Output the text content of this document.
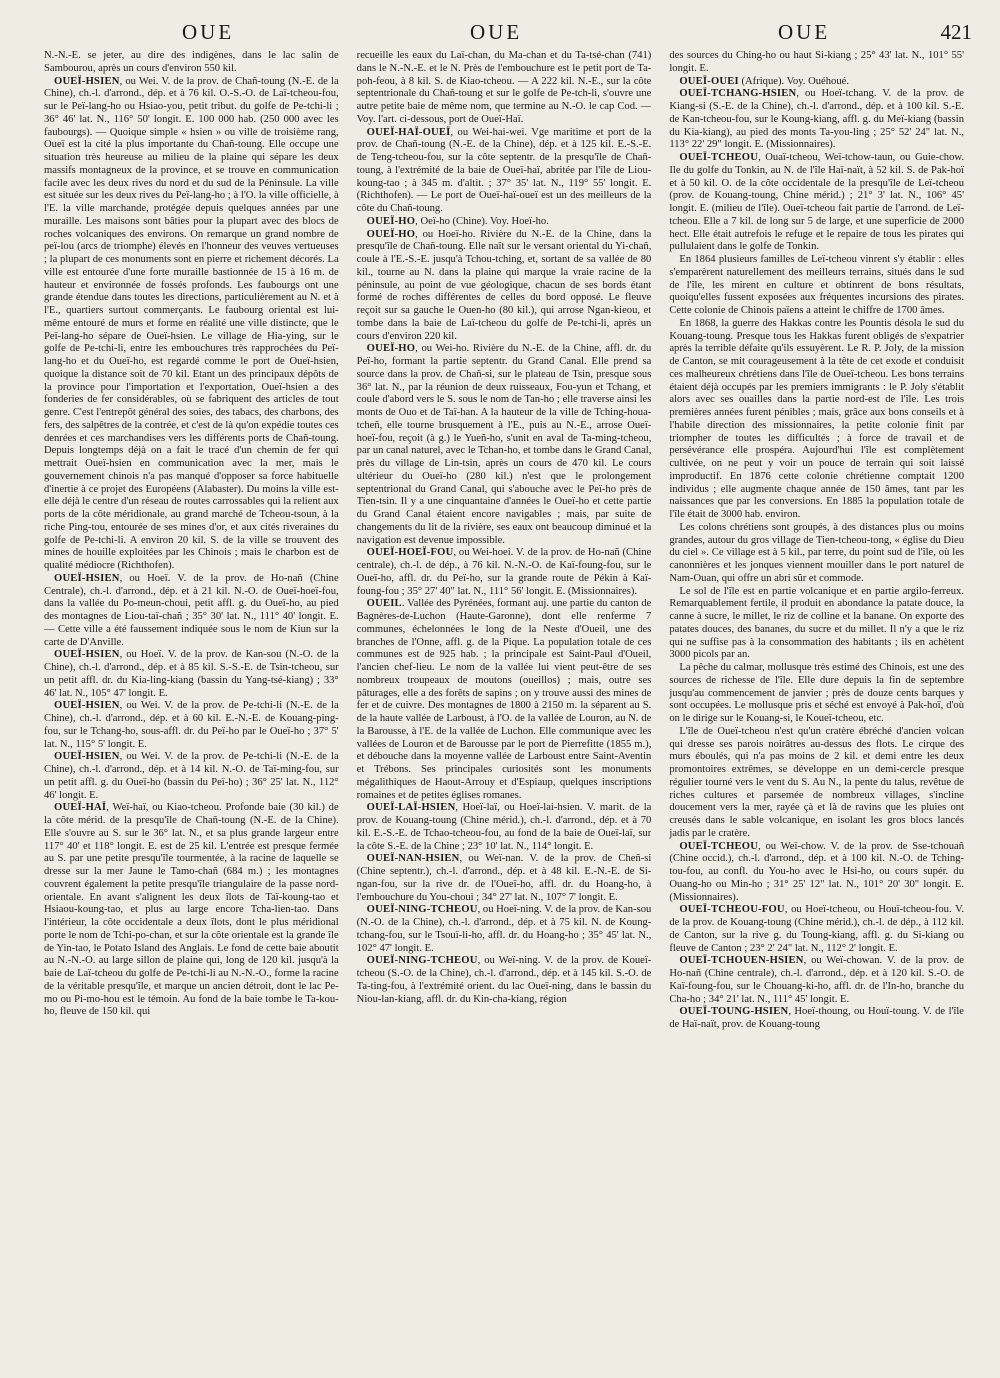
OUE	OUE	OUE	421

N.-N.-E. se jeter, au dire des indigènes, dans le lac salin de Sambourou, après un cours d'environ 550 kil.

OUEÏ-HSIEN, ou Wei. V. de la prov. de Chañ-toung (N.-E. de la Chine), ch.-l. d'arrond., dép. et à 76 kil. O.-S.-O. de Laï-tcheou-fou, sur le Peï-lang-ho ou Hsiao-you, petit tribut. du golfe de Pe-tchi-li ; 36° 46' lat. N., 116° 50' longit. E. 100 000 hab. (250 000 avec les faubourgs). — Quoique simple « hsien » ou ville de troisième rang, Oueï est la cité la plus importante du Chañ-toung. Elle occupe une situation très heureuse au milieu de la plaine qui sépare les deux massifs montagneux de la province, et se trouve en communication facile avec les deux rives du nord et du sud de la Péninsule. La ville est située sur les deux rives du Peï-lang-ho ; à l'O. la ville officielle, à l'E. la ville marchande, protégée depuis quelques années par une muraille. Les maisons sont bâties pour la plupart avec des blocs de roches volcaniques des environs. On remarque un grand nombre de peï-lou (arcs de triomphe) élevés en l'honneur des veuves vertueuses ; la plupart de ces monuments sont en pierre et richement décorés. La ville est entourée d'une forte muraille bastionnée de 15 à 16 m. de hauteur et environnée de fossés profonds. Les faubourgs ont une grande étendue dans toutes les directions, particulièrement au N. et à l'E., quartiers surtout commerçants. Le faubourg oriental est lui-même entouré de murs et forme en réalité une ville distincte, que le Peï-lang-ho sépare de Oueï-hsien. Le village de Hia-ying, sur le golfe de Pe-tchi-li, entre les embouchures très rapprochées du Peï-lang-ho et du Oueï-ho, est regardé comme le port de Oueï-hsien, quoique la distance soit de 70 kil. Etant un des principaux dépôts de la province pour l'importation et l'exportation, Oueï-hsien a des fonderies de fer considérables, où se fabriquent des articles de tout genre. C'est l'entrepôt général des soies, des tabacs, des charbons, des fers, des salpêtres de la contrée, et c'est de là qu'on expédie toutes ces denrées et ces marchandises vers les différents ports de Chañ-toung. Depuis longtemps déjà on a fait le tracé d'un chemin de fer qui mettrait Oueï-hsien en communication avec la mer, mais le gouvernement chinois n'a pas manqué d'opposer sa force habituelle d'inertie à ce projet des Européens (Alabaster). Du moins la ville est-elle déjà le centre d'un réseau de routes carrossables qui la relient aux ports de la côte méridionale, au grand marché de Tcheou-tsoun, à la riche Ping-tou, entourée de ses mines d'or, et aux cités riveraines du golfe de Pe-tchi-li. A environ 20 kil. S. de la ville se trouvent des mines de houille exploitées par les Chinois ; mais le charbon est de qualité médiocre (Richthofen).

OUEÏ-HSIEN, ou Hoeï. V. de la prov. de Ho-nañ (Chine Centrale), ch.-l. d'arrond., dép. et à 21 kil. N.-O. de Oueï-hoeï-fou, dans la vallée du Po-meun-choui, petit affl. g. du Oueï-ho, au pied des montagnes de Liou-taï-chañ ; 35° 30' lat. N., 111° 40' longit. E. — Cette ville a été faussement indiquée sous le nom de Kiun sur la carte de D'Anville.

OUEÏ-HSIEN, ou Hoeï. V. de la prov. de Kan-sou (N.-O. de la Chine), ch.-l. d'arrond., dép. et à 85 kil. S.-S.-E. de Tsin-tcheou, sur un petit affl. dr. du Kia-ling-kiang (bassin du Yang-tsé-kiang) ; 33° 46' lat. N., 105° 47' longit. E.

OUEÏ-HSIEN, ou Wei. V. de la prov. de Pe-tchi-li (N.-E. de la Chine), ch.-l. d'arrond., dép. et à 60 kil. E.-N.-E. de Kouang-ping-fou, sur le Tchang-ho, sous-affl. dr. du Peï-ho par le Oueï-ho ; 37° 5' lat. N., 115° 5' longit. E.

OUEÏ-HSIEN, ou Wei. V. de la prov. de Pe-tchi-li (N.-E. de la Chine), ch.-l. d'arrond., dép. et à 14 kil. N.-O. de Taï-ming-fou, sur un petit affl. g. du Oueï-ho (bassin du Peï-ho) ; 36° 25' lat. N., 112° 46' longit. E.

OUEÏ-HAÏ, Weï-haï, ou Kiao-tcheou. Profonde baie (30 kil.) de la côte mérid. de la presqu'île de Chañ-toung (N.-E. de la Chine). Elle s'ouvre au S. sur le 36° lat. N., et sa plus grande largeur entre 117° 40' et 118° longit. E. est de 25 kil. L'entrée est presque fermée au S. par une petite presqu'île tourmentée, à la racine de laquelle se dresse sur la mer Jaune le Tamo-chañ (684 m.) ; les montagnes couvrent également la petite presqu'île triangulaire de la passe nord-orientale. En avant s'alignent les deux îlots de Taï-koung-tao et Hsiaou-koung-tao, et plus au large encore Tcha-lien-tao. Dans l'intérieur, la côte occidentale a deux îlots, dont le plus méridional porte le nom de Tchi-po-chan, et sur la côte orientale est la grande île de Yin-tao, le Potato Island des Anglais. Le fond de cette baie aboutit au N.-N.-O. au large sillon de plaine qui, long de 120 kil. jusqu'à la baie de Laï-tcheou du golfe de Pe-tchi-li au N.-N.-O., forme la racine de la véritable presqu'île, et marque un ancien détroit, dont le lac Pe-mo ou Pi-mo-hou est le témoin. Au fond de la baie tombe le Ta-kou-ho, fleuve de 150 kil. qui

recueille les eaux du Laï-chan, du Ma-chan et du Ta-tsé-chan (741) dans le N.-N.-E. et le N. Près de l'embouchure est le petit port de Ta-poh-feou, à 8 kil. S. de Kiao-tcheou. — A 222 kil. N.-E., sur la côte septentrionale du Chañ-toung et sur le golfe de Pe-tch-li, s'ouvre une autre petite baie de même nom, que termine au N.-O. le cap Cod. — Voy. l'art. ci-dessous, port de Oueï-Haï.

OUEÏ-HAÏ-OUEÏ, ou Wei-hai-wei. Vge maritime et port de la prov. de Chañ-toung (N.-E. de la Chine), dép. et à 125 kil. E.-S.-E. de Teng-tcheou-fou, sur la côte septentr. de la presqu'île de Chañ-toung, à l'extrémité de la baie de Oueï-haï, abritée par l'île de Liou-koung-tao ; à 345 m. d'altit. ; 37° 35' lat. N., 119° 55' longit. E. (Richthofen). — Le port de Oueï-haï-oueï est un des meilleurs de la côte du Chañ-toung.

OUEÏ-HO, Oeï-ho (Chine). Voy. Hoeï-ho.

OUEÏ-HO, ou Hoeï-ho. Rivière du N.-E. de la Chine, dans la presqu'île de Chañ-toung. Elle naît sur le versant oriental du Yi-chañ, coule à l'E.-S.-E. jusqu'à Tchou-tching, et, sortant de sa vallée de 80 kil., tourne au N. dans la plaine qui marque la vraie racine de la péninsule, au point de vue géologique, chacun de ses bords étant formé de roches différentes de celles du bord opposé. Le fleuve reçoit sur sa gauche le Ouen-ho (80 kil.), qui arrose Ngan-kieou, et tombe dans la baie de Laï-tcheou du golfe de Pe-tchi-li, après un cours d'environ 220 kil.

OUEÏ-HO, ou Wei-ho. Rivière du N.-E. de la Chine, affl. dr. du Peï-ho, formant la partie septentr. du Grand Canal. Elle prend sa source dans la prov. de Chañ-si, sur le plateau de Tsin, presque sous 36° lat. N., par la réunion de deux ruisseaux, Fou-yun et Tchang, et coule d'abord vers le S. sous le nom de Tan-ho ; elle traverse ainsi les monts de Ouo et de Taï-han. A la hauteur de la ville de Tching-houa-tcheñ, elle tourne brusquement à l'E., puis au N.-E., arrose Oueï-hoeï-fou, reçoit (à g.) le Yueñ-ho, s'unit en aval de Ta-ming-tcheou, par un canal naturel, avec le Tchan-ho, et tombe dans le Grand Canal, près du village de Lin-tsin, après un cours de 470 kil. Le cours ultérieur du Oueï-ho (280 kil.) n'est que le prolongement septentrional du Grand Canal, qui s'abouche avec le Peï-ho près de Tien-tsin. Il y a une cinquantaine d'années le Oueï-ho et cette partie du Grand Canal étaient encore navigables ; mais, par suite de changements du lit de la rivière, ses eaux ont beaucoup diminué et la navigation est devenue impossible.

OUEÏ-HOEÏ-FOU, ou Wei-hoei. V. de la prov. de Ho-nañ (Chine centrale), ch.-l. de dép., à 76 kil. N.-N.-O. de Kaï-foung-fou, sur le Oueï-ho, affl. dr. du Peï-ho, sur la grande route de Pékin à Kaï-foung-fou ; 35° 27' 40" lat. N., 111° 56' longit. E. (Missionnaires).

OUEIL. Vallée des Pyrénées, formant auj. une partie du canton de Bagnères-de-Luchon (Haute-Garonne), dont elle renferme 7 communes, échelonnées le long de la Neste d'Oueil, une des branches de l'Onne, affl. g. de la Pique. La population totale de ces communes est de 925 hab. ; la principale est Saint-Paul d'Oueil, l'ancien chef-lieu. Le nom de la vallée lui vient peut-être de ses nombreux troupeaux de moutons (oueillos) ; mais, outre ses pâturages, elle a des forêts de sapins ; on y trouve aussi des mines de fer et de cuivre. Des montagnes de 1800 à 2150 m. la séparent au S. de la haute vallée de Larboust, à l'O. de la vallée de Louron, au N. de la Barousse, à l'E. de la vallée de Luchon. Elle communique avec les vallées de Louron et de Barousse par le port de Pierrefitte (1855 m.), et débouche dans la moyenne vallée de Larboust entre Saint-Aventin et Trébons. Ses principales curiosités sont les monuments mégalithiques de Haout-Arrouy et d'Espiaup, quelques inscriptions romaines et de petites églises romanes.

OUEÏ-LAÏ-HSIEN, Hoeï-laï, ou Hoeï-lai-hsien. V. marit. de la prov. de Kouang-toung (Chine mérid.), ch.-l. d'arrond., dép. et à 70 kil. E.-S.-E. de Tchao-tcheou-fou, au fond de la baie de Oueï-laï, sur la côte S.-E. de la Chine ; 23° 10' lat. N., 114° longit. E.

OUEÏ-NAN-HSIEN, ou Weï-nan. V. de la prov. de Cheñ-si (Chine septentr.), ch.-l. d'arrond., dép. et à 48 kil. E.-N.-E. de Si-ngan-fou, sur la rive dr. de l'Oueï-ho, affl. dr. du Hoang-ho, à l'embouchure du You-choui ; 34° 27' lat. N., 107° 7' longit. E.

OUEÏ-NING-TCHEOU, ou Hoeï-ning. V. de la prov. de Kan-sou (N.-O. de la Chine), ch.-l. d'arrond., dép. et à 75 kil. N. de Koung-tchang-fou, sur le Tsouï-li-ho, affl. dr. du Hoang-ho ; 35° 45' lat. N., 102° 47' longit. E.

OUEÏ-NING-TCHEOU, ou Weï-ning. V. de la prov. de Koueï-tcheou (S.-O. de la Chine), ch.-l. d'arrond., dép. et à 145 kil. S.-O. de Ta-ting-fou, à l'extrémité orient. du lac Oueï-ning, dans le bassin du Niou-lan-kiang, affl. dr. du Kin-cha-kiang, région

des sources du Ching-ho ou haut Si-kiang ; 25° 43' lat. N., 101° 55' longit. E.

OUEÏ-OUEI (Afrique). Voy. Ouéhoué.

OUEÏ-TCHANG-HSIEN, ou Hoeï-tchang. V. de la prov. de Kiang-si (S.-E. de la Chine), ch.-l. d'arrond., dép. et à 100 kil. S.-E. de Kan-tcheou-fou, sur le Koung-kiang, affl. g. du Meï-kiang (bassin du Kia-kiang), au pied des monts Ta-you-ling ; 25° 52' 24" lat. N., 113° 22' 29" longit. E. (Missionnaires).

OUEÏ-TCHEOU, Ouaï-tcheou, Weï-tchow-taun, ou Guie-chow. Ile du golfe du Tonkin, au N. de l'île Haï-naït, à 52 kil. S. de Pak-hoï et à 50 kil. O. de la côte occidentale de la presqu'île de Leï-tcheou (prov. de Kouang-toung, Chine mérid.) ; 21° 3' lat. N., 106° 45' longit. E. (milieu de l'île). Oueï-tcheou fait partie de l'arrond. de Leï-tcheou. Elle a 7 kil. de long sur 5 de large, et une superficie de 2000 hect. Elle était autrefois le refuge et le repaire de tous les pirates qui pullulaient dans le golfe de Tonkin.

En 1864 plusieurs familles de Leï-tcheou vinrent s'y établir : elles s'emparèrent naturellement des meilleurs terrains, situés dans le sud de l'île, les mirent en culture et obtinrent de bons résultats, quoiqu'elles fussent exposées aux fréquentes incursions des pirates. Cette colonie de Chinois païens a atteint le chiffre de 1700 âmes.

En 1868, la guerre des Hakkas contre les Pountis désola le sud du Kouang-toung. Presque tous les Hakkas furent obligés de s'expatrier après la terrible défaite qu'ils essuyèrent. Le R. P. Joly, de la mission de Canton, se mit courageusement à la tête de cet exode et conduisit ces malheureux chrétiens dans l'île de Oueï-tcheou. Les bons terrains étaient déjà occupés par les premiers immigrants : le P. Joly s'établit alors avec ses ouailles dans la partie nord-est de l'île. Les trois premières années furent pénibles ; mais, grâce aux bons conseils et à l'habile direction des missionnaires, la petite colonie finit par triompher de toutes les difficultés ; à force de travail et de persévérance elle prospéra. Aujourd'hui l'île est complètement cultivée, on ne peut y voir un pouce de terrain qui soit laissé improductif. En 1876 cette colonie chrétienne comptait 1200 individus ; elle augmente chaque année de 150 âmes, tant par les naissances que par les conversions. En 1885 la population totale de l'île était de 3000 hab. environ.

Les colons chrétiens sont groupés, à des distances plus ou moins grandes, autour du gros village de Tien-tcheou-tong, « église du Dieu du ciel ». Ce village est à 5 kil., par terre, du point sud de l'île, où les canonnières et les jonques viennent mouiller dans le port naturel de Nam-Ouan, qui offre un abri sûr et commode.

Le sol de l'île est en partie volcanique et en partie argilo-ferreux. Remarquablement fertile, il produit en abondance la patate douce, la canne à sucre, le millet, le riz de colline et la banane. On exporte des patates douces, des bananes, du sucre et du millet. Il n'y a que le riz qui ne suffise pas à la consommation des habitants ; ils en achètent 3000 picols par an.

La pêche du calmar, mollusque très estimé des Chinois, est une des sources de richesse de l'île. Elle dure depuis la fin de septembre jusqu'au commencement de janvier ; près de douze cents barques y sont occupées. Le mollusque pris et séché est envoyé à Pak-hoï, d'où on le dirige sur le Kouang-si, le Koueï-tcheou, etc.

L'île de Oueï-tcheou n'est qu'un cratère ébréché d'ancien volcan qui dresse ses parois noirâtres au-dessus des flots. Le cirque des murs éboulés, qui n'a pas moins de 2 kil. et demi entre les deux promontoires extrêmes, se développe en un demi-cercle presque régulier tourné vers le vent du S. Au N., la pente du talus, revêtue de riches cultures et parsemée de nombreux villages, s'incline doucement vers la mer, rayée çà et là de ravins que les pluies ont creusés dans le sable volcanique, en isolant les gros blocs lancés jadis par le cratère.

OUEÏ-TCHEOU, ou Weï-chow. V. de la prov. de Sse-tchouañ (Chine occid.), ch.-l. d'arrond., dép. et à 100 kil. N.-O. de Tching-tou-fou, au confl. du You-ho avec le Hsi-ho, ou cours supér. du Ouang-ho ou Min-ho ; 31° 25' 12" lat. N., 101° 20' 30" longit. E. (Missionnaires).

OUEÏ-TCHEOU-FOU, ou Hoeï-tcheou, ou Houï-tcheou-fou. V. de la prov. de Kouang-toung (Chine mérid.), ch.-l. de dép., à 112 kil. de Canton, sur la rive g. du Toung-kiang, affl. g. du Si-kiang ou fleuve de Canton ; 23° 2' 24" lat. N., 112° 2' longit. E.

OUEÏ-TCHOUEN-HSIEN, ou Weï-chowan. V. de la prov. de Ho-nañ (Chine centrale), ch.-l. d'arrond., dép. et à 120 kil. S.-O. de Kaï-foung-fou, sur le Chouang-ki-ho, affl. dr. de l'In-ho, branche du Cha-ho ; 34° 21' lat. N., 111° 45' longit. E.

OUEÏ-TOUNG-HSIEN, Hoeï-thoung, ou Houï-toung. V. de l'île de Haï-naït, prov. de Kouang-toung
